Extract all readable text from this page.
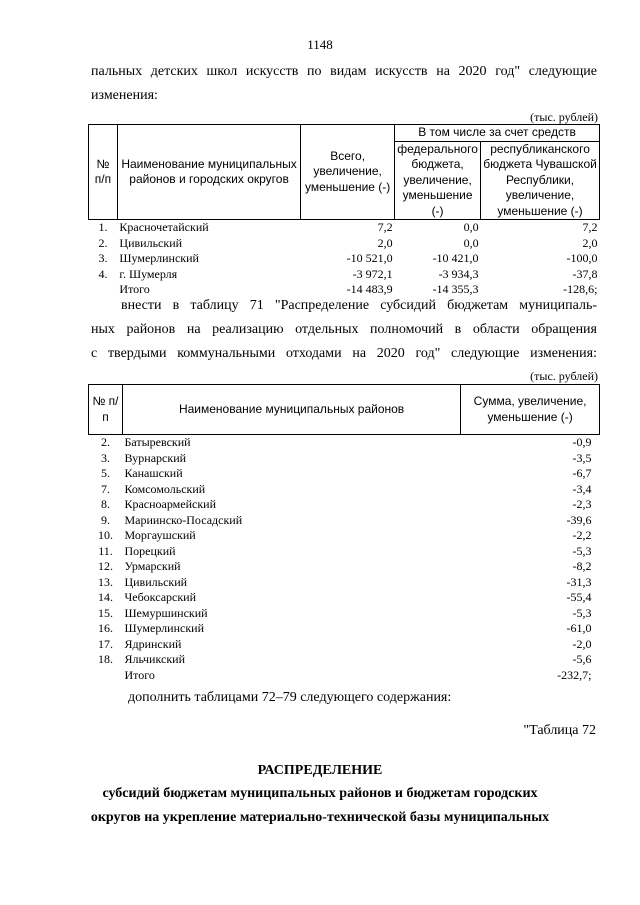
1148
пальных детских школ искусств по видам искусств на 2020 год" следующие
изменения:
(тыс. рублей)
№ п/п	Наименование муниципальных районов и городских округов	Всего, увеличение, уменьшение (-)	В том числе за счет средств	
			федерального бюджета, увеличение, уменьшение (-)	республиканского бюджета Чувашской Республики, увеличение, уменьшение (-)
1.	Красночетайский	7,2	0,0	7,2
2.	Цивильский	2,0	0,0	2,0
3.	Шумерлинский	-10 521,0	-10 421,0	-100,0
4.	г. Шумерля	-3 972,1	-3 934,3	-37,8
	Итого	-14 483,9	-14 355,3	-128,6;
внести в таблицу 71 "Распределение субсидий бюджетам муниципаль-
ных районов на реализацию отдельных полномочий в области обращения
с твердыми коммунальными отходами на 2020 год" следующие изменения:
(тыс. рублей)
№ п/п	Наименование муниципальных районов	Сумма, увеличение, уменьшение (-)
2.	Батыревский	-0,9
3.	Вурнарский	-3,5
5.	Канашский	-6,7
7.	Комсомольский	-3,4
8.	Красноармейский	-2,3
9.	Мариинско-Посадский	-39,6
10.	Моргаушский	-2,2
11.	Порецкий	-5,3
12.	Урмарский	-8,2
13.	Цивильский	-31,3
14.	Чебоксарский	-55,4
15.	Шемуршинский	-5,3
16.	Шумерлинский	-61,0
17.	Ядринский	-2,0
18.	Яльчикский	-5,6
	Итого	-232,7;
дополнить таблицами 72–79 следующего содержания:
"Таблица 72
РАСПРЕДЕЛЕНИЕ
субсидий бюджетам муниципальных районов и бюджетам городских
округов на укрепление материально-технической базы муниципальных
